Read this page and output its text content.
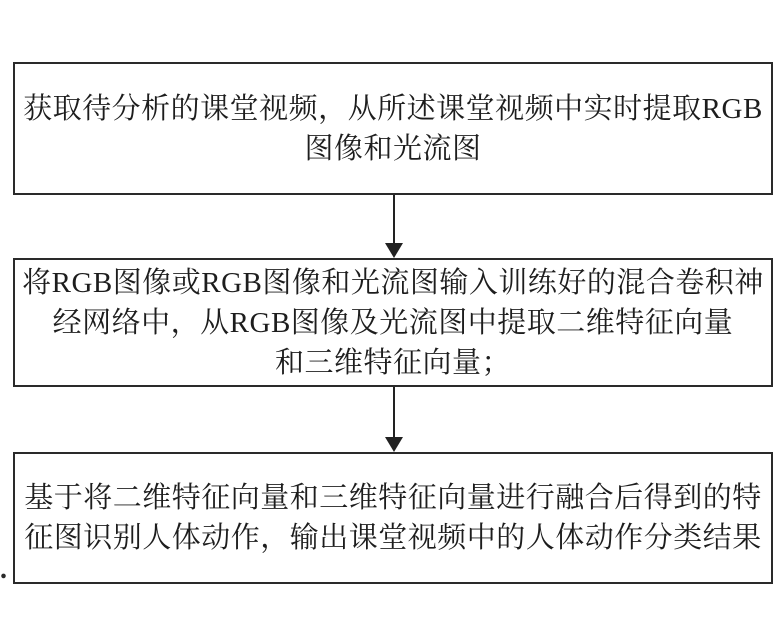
获取待分析的课堂视频，从所述课堂视频中实时提取RGB
图像和光流图
将RGB图像或RGB图像和光流图输入训练好的混合卷积神
经网络中，从RGB图像及光流图中提取二维特征向量
和三维特征向量；
基于将二维特征向量和三维特征向量进行融合后得到的特
征图识别人体动作，输出课堂视频中的人体动作分类结果
.
